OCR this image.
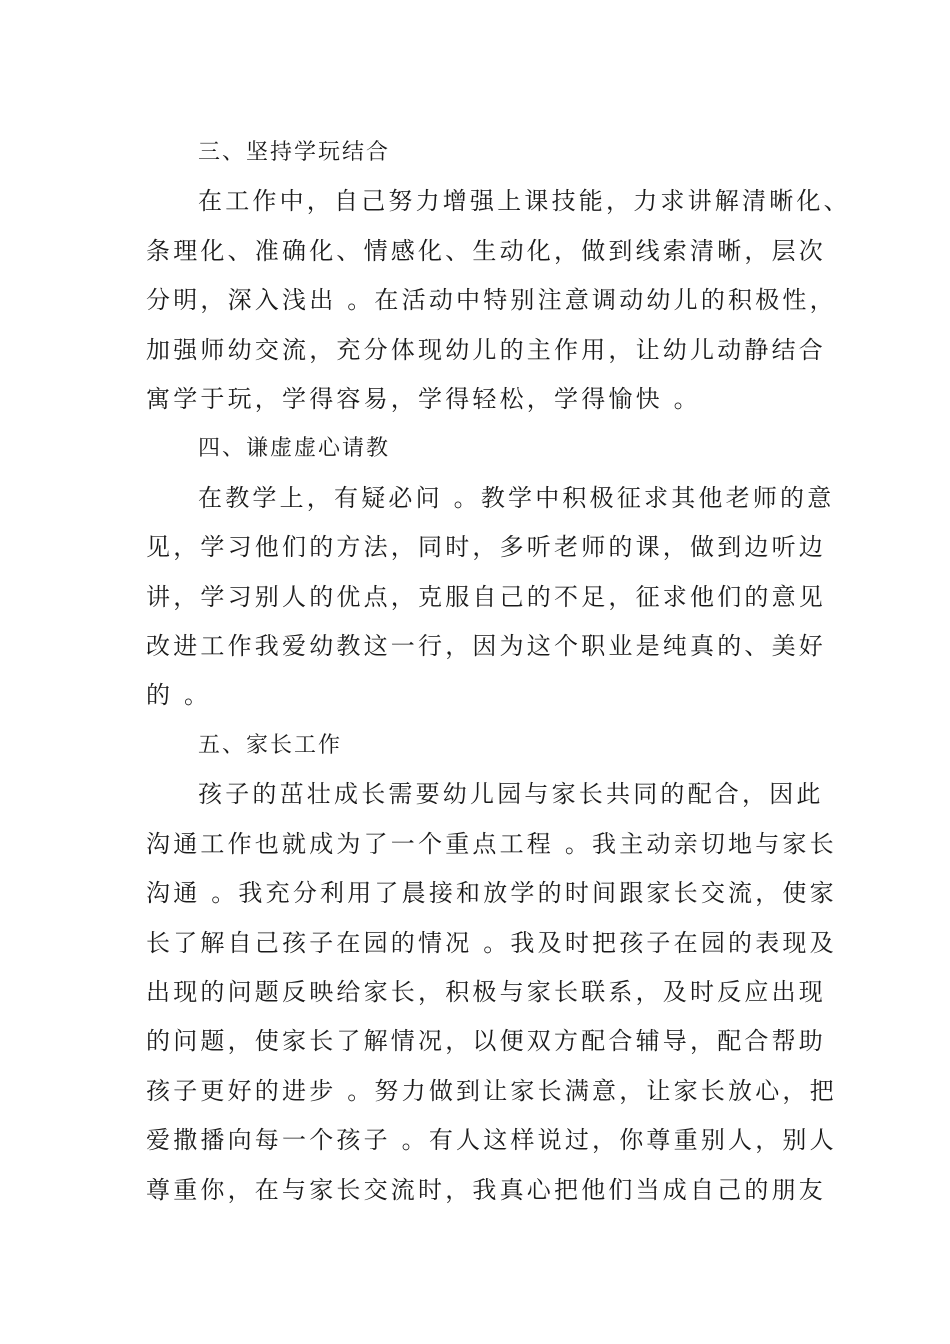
三、坚持学玩结合
在工作中，自己努力增强上课技能，力求讲解清晰化、
条理化、准确化、情感化、生动化，做到线索清晰，层次
分明，深入浅出 。在活动中特别注意调动幼儿的积极性，
加强师幼交流，充分体现幼儿的主作用，让幼儿动静结合
寓学于玩，学得容易，学得轻松，学得愉快 。
四、谦虚虚心请教
在教学上，有疑必问 。教学中积极征求其他老师的意
见，学习他们的方法，同时，多听老师的课，做到边听边
讲，学习别人的优点，克服自己的不足，征求他们的意见
改进工作我爱幼教这一行，因为这个职业是纯真的、美好
的 。
五、家长工作
孩子的茁壮成长需要幼儿园与家长共同的配合，因此
沟通工作也就成为了一个重点工程 。我主动亲切地与家长
沟通 。我充分利用了晨接和放学的时间跟家长交流，使家
长了解自己孩子在园的情况 。我及时把孩子在园的表现及
出现的问题反映给家长，积极与家长联系，及时反应出现
的问题，使家长了解情况，以便双方配合辅导，配合帮助
孩子更好的进步 。努力做到让家长满意，让家长放心，把
爱撒播向每一个孩子 。有人这样说过，你尊重别人，别人
尊重你，在与家长交流时，我真心把他们当成自己的朋友
